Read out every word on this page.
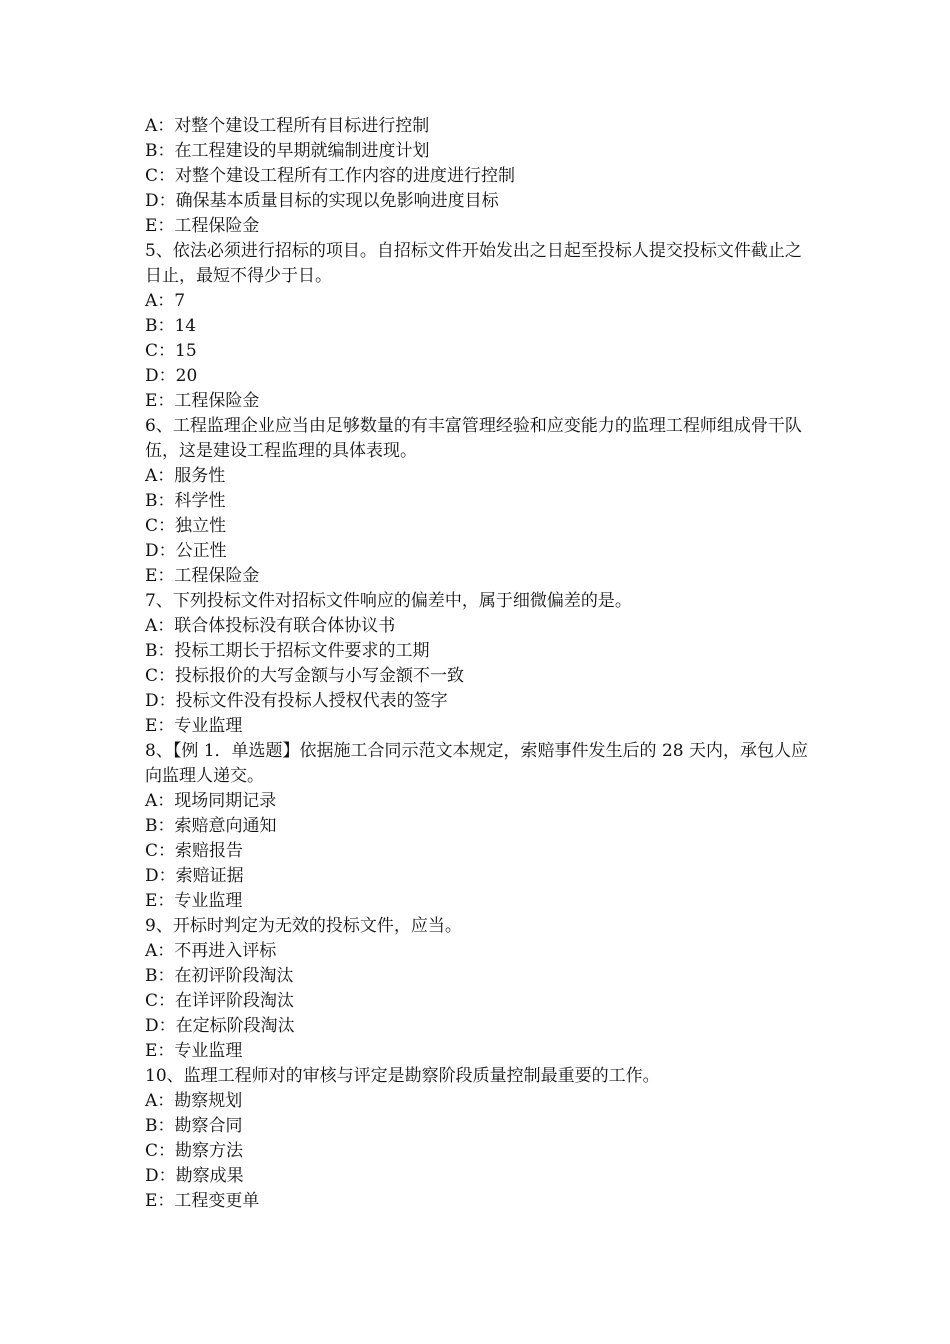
A：对整个建设工程所有目标进行控制
B：在工程建设的早期就编制进度计划
C：对整个建设工程所有工作内容的进度进行控制
D：确保基本质量目标的实现以免影响进度目标
E：工程保险金
5、依法必须进行招标的项目。自招标文件开始发出之日起至投标人提交投标文件截止之日止，最短不得少于日。
A：7
B：14
C：15
D：20
E：工程保险金
6、工程监理企业应当由足够数量的有丰富管理经验和应变能力的监理工程师组成骨干队伍，这是建设工程监理的具体表现。
A：服务性
B：科学性
C：独立性
D：公正性
E：工程保险金
7、下列投标文件对招标文件响应的偏差中，属于细微偏差的是。
A：联合体投标没有联合体协议书
B：投标工期长于招标文件要求的工期
C：投标报价的大写金额与小写金额不一致
D：投标文件没有投标人授权代表的签字
E：专业监理
8、【例 1．单选题】依据施工合同示范文本规定，索赔事件发生后的 28 天内，承包人应向监理人递交。
A：现场同期记录
B：索赔意向通知
C：索赔报告
D：索赔证据
E：专业监理
9、开标时判定为无效的投标文件，应当。
A：不再进入评标
B：在初评阶段淘汰
C：在详评阶段淘汰
D：在定标阶段淘汰
E：专业监理
10、监理工程师对的审核与评定是勘察阶段质量控制最重要的工作。
A：勘察规划
B：勘察合同
C：勘察方法
D：勘察成果
E：工程变更单
